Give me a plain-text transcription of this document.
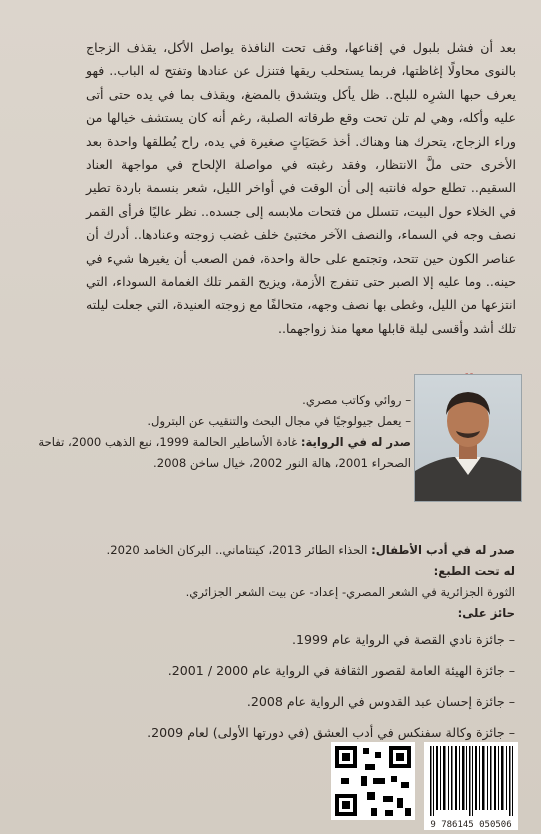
بعد أن فشل بلبول في إقناعها، وقف تحت النافذة يواصل الأكل، يقذف الزجاج بالنوى محاولًا إغاظتها، فربما يستحلب ريقها فتنزل عن عنادها وتفتح له الباب.. فهو يعرف حبها الشرِه للبلح.. ظل يأكل ويتشدق بالمضغ، ويقذف بما في يده حتى أتى عليه وأكله، وهي لم تلن تحت وقع طرقاته الصلبة، رغم أنه كان يستشف خيالها من وراء الزجاج، يتحرك هنا وهناك. أخذ حَصَيَاتٍ صغيرة في يده، راح يُطلقها واحدة بعد الأخرى حتى ملَّ الانتظار، وفقد رغبته في مواصلة الإلحاح في مواجهة العناد السقيم.. تطلع حوله فانتبه إلى أن الوقت في أواخر الليل، شعر بنسمة باردة تطير في الخلاء حول البيت، تتسلل من فتحات ملابسه إلى جسده.. نظر عاليًا فرأى القمر نصف وجه في السماء، والنصف الآخر مختبئ خلف غضب زوجته وعنادها.. أدرك أن عناصر الكون حين تتحد، وتجتمع على حالة واحدة، فمن الصعب أن يغيرها شيء في حينه.. وما عليه إلا الصبر حتى تنفرج الأزمة، ويزيح القمر تلك الغمامة السوداء، التي انتزعها من الليل، وغطى بها نصف وجهه، متحالفًا مع زوجته العنيدة، التي جعلت ليلته تلك أشد وأقسى ليلة قابلها معها منذ زواجهما..
– روائي وكاتب مصري.
– يعمل جيولوجيًا في مجال البحث والتنقيب عن البترول.
صدر له في الرواية: غادة الأساطير الحالمة 1999، نبع الذهب 2000، تفاحة الصحراء 2001، هالة النور 2002، خيال ساخن 2008.
صدر له في أدب الأطفال: الحذاء الطائر 2013، كينتاماني.. البركان الخامد 2020.
له تحت الطبع:
الثورة الجزائرية في الشعر المصري- إعداد- عن بيت الشعر الجزائري.
حائز على:
– جائزة نادي القصة في الرواية عام 1999.
– جائزة الهيئة العامة لقصور الثقافة في الرواية عام 2000 / 2001.
– جائزة إحسان عبد القدوس في الرواية عام 2008.
– جائزة وكالة سفنكس في أدب العشق (في دورتها الأولى) لعام 2009.
9 786145 050506
